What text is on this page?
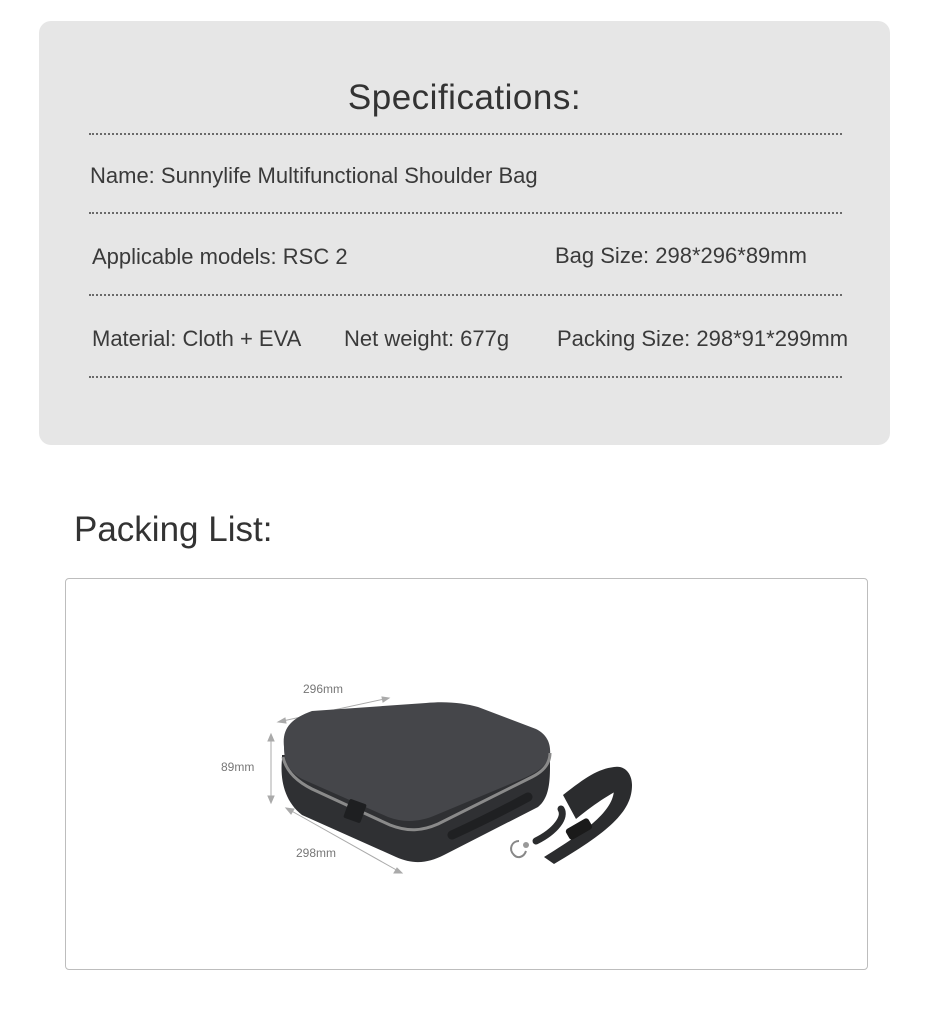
Specifications:
Name: Sunnylife Multifunctional Shoulder Bag
Applicable models: RSC 2	Bag Size: 298*296*89mm
Material: Cloth + EVA Net weight: 677g Packing Size: 298*91*299mm
Packing List:
296mm
89mm
298mm
